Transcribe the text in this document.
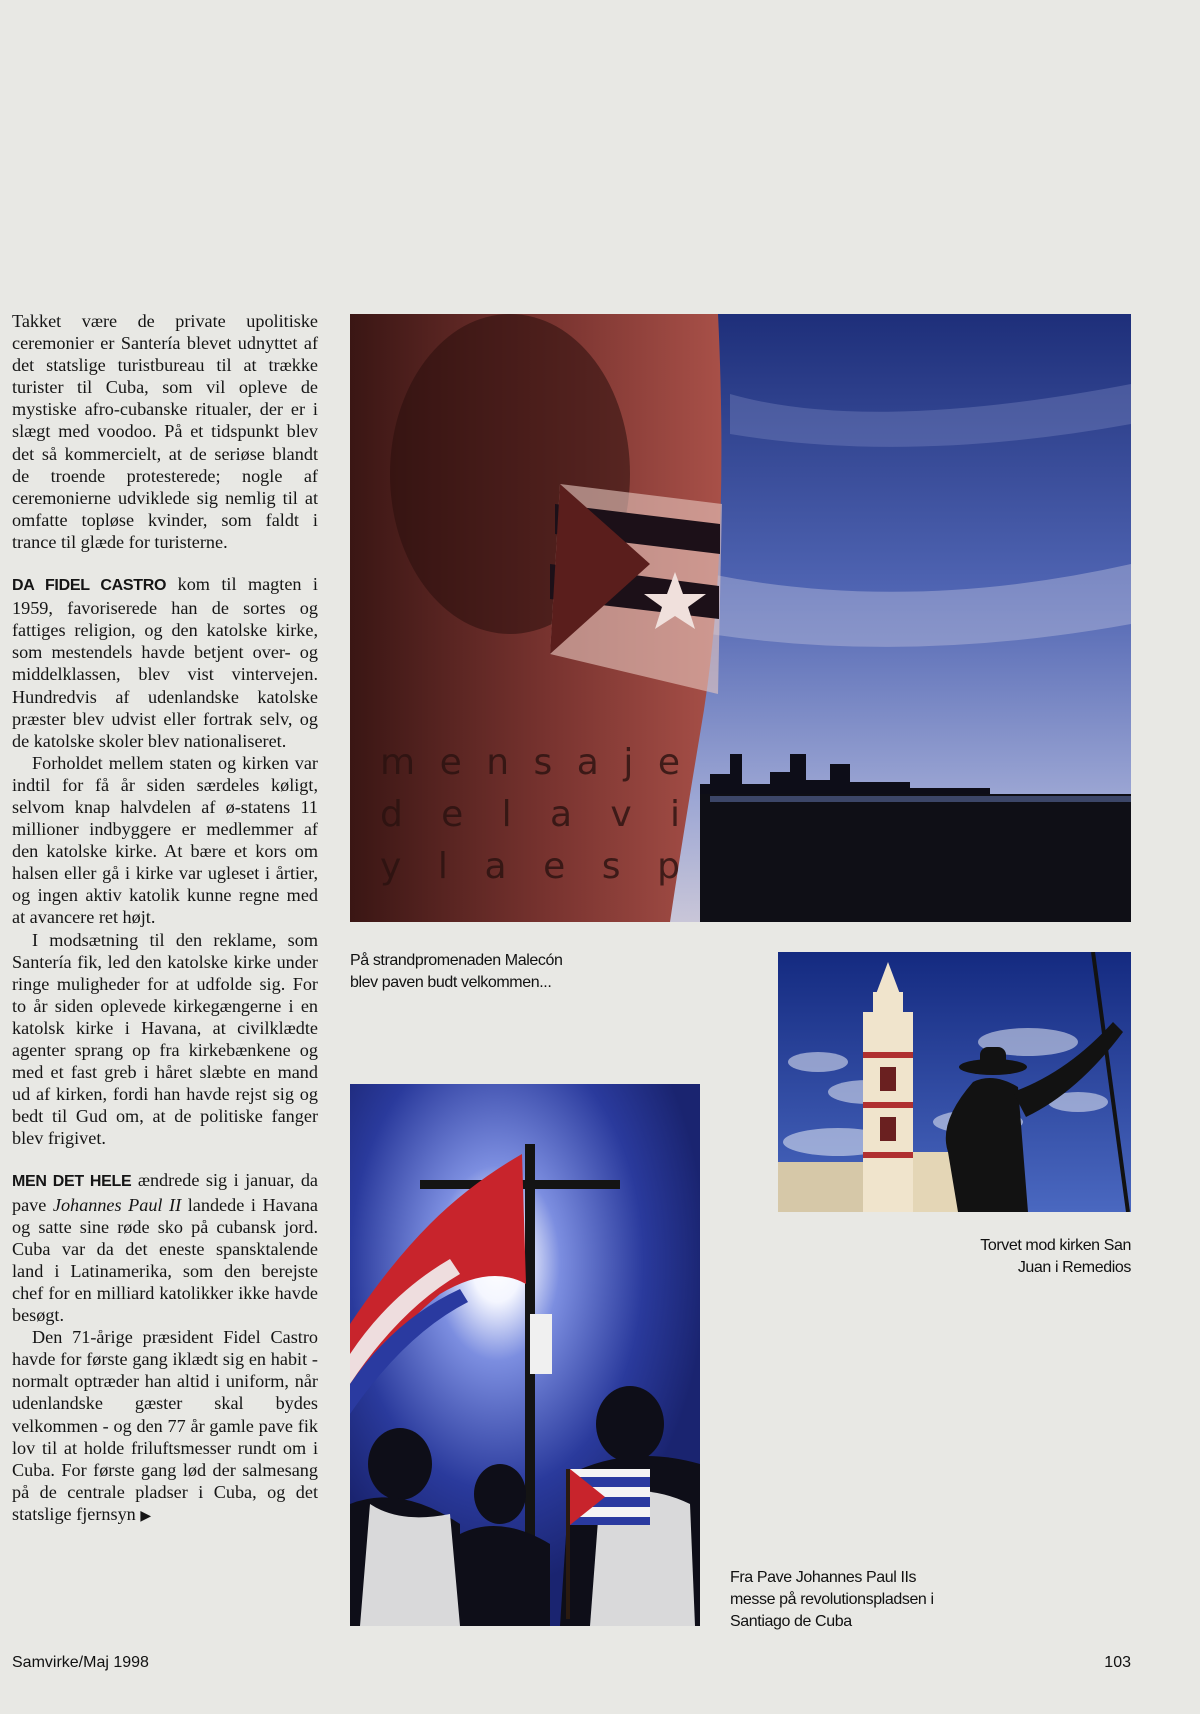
Takket være de private upolitiske ceremonier er Santería blevet udnyttet af det statslige turistbureau til at trække turister til Cuba, som vil opleve de mystiske afro-cubanske ritualer, der er i slægt med voodoo. På et tidspunkt blev det så kommercielt, at de seriøse blandt de troende protesterede; nogle af ceremonierne udviklede sig nemlig til at omfatte topløse kvinder, som faldt i trance til glæde for turisterne.

DA FIDEL CASTRO kom til magten i 1959, favoriserede han de sortes og fattiges religion, og den katolske kirke, som mestendels havde betjent over- og middelklassen, blev vist vintervejen. Hundredvis af udenlandske katolske præster blev udvist eller fortrak selv, og de katolske skoler blev nationaliseret.

Forholdet mellem staten og kirken var indtil for få år siden særdeles køligt, selvom knap halvdelen af ø-statens 11 millioner indbyggere er medlemmer af den katolske kirke. At bære et kors om halsen eller gå i kirke var ugleset i årtier, og ingen aktiv katolik kunne regne med at avancere ret højt.

I modsætning til den reklame, som Santería fik, led den katolske kirke under ringe muligheder for at udfolde sig. For to år siden oplevede kirkegængerne i en katolsk kirke i Havana, at civilklædte agenter sprang op fra kirkebænkene og med et fast greb i håret slæbte en mand ud af kirken, fordi han havde rejst sig og bedt til Gud om, at de politiske fanger blev frigivet.

MEN DET HELE ændrede sig i januar, da pave Johannes Paul II landede i Havana og satte sine røde sko på cubansk jord. Cuba var da det eneste spansktalende land i Latinamerika, som den berejste chef for en milliard katolikker ikke havde besøgt.

Den 71-årige præsident Fidel Castro havde for første gang iklædt sig en habit - normalt optræder han altid i uniform, når udenlandske gæster skal bydes velkommen - og den 77 år gamle pave fik lov til at holde friluftsmesser rundt om i Cuba. For første gang lød der salmesang på de centrale pladser i Cuba, og det statslige fjernsyn ▶

m e n s a j e
d e l a v i
y l a e s p
På strandpromenaden Malecón
blev paven budt velkommen...
Torvet mod kirken San
Juan i Remedios
Fra Pave Johannes Paul IIs
messe på revolutionspladsen i
Santiago de Cuba
Samvirke/Maj 1998	103
